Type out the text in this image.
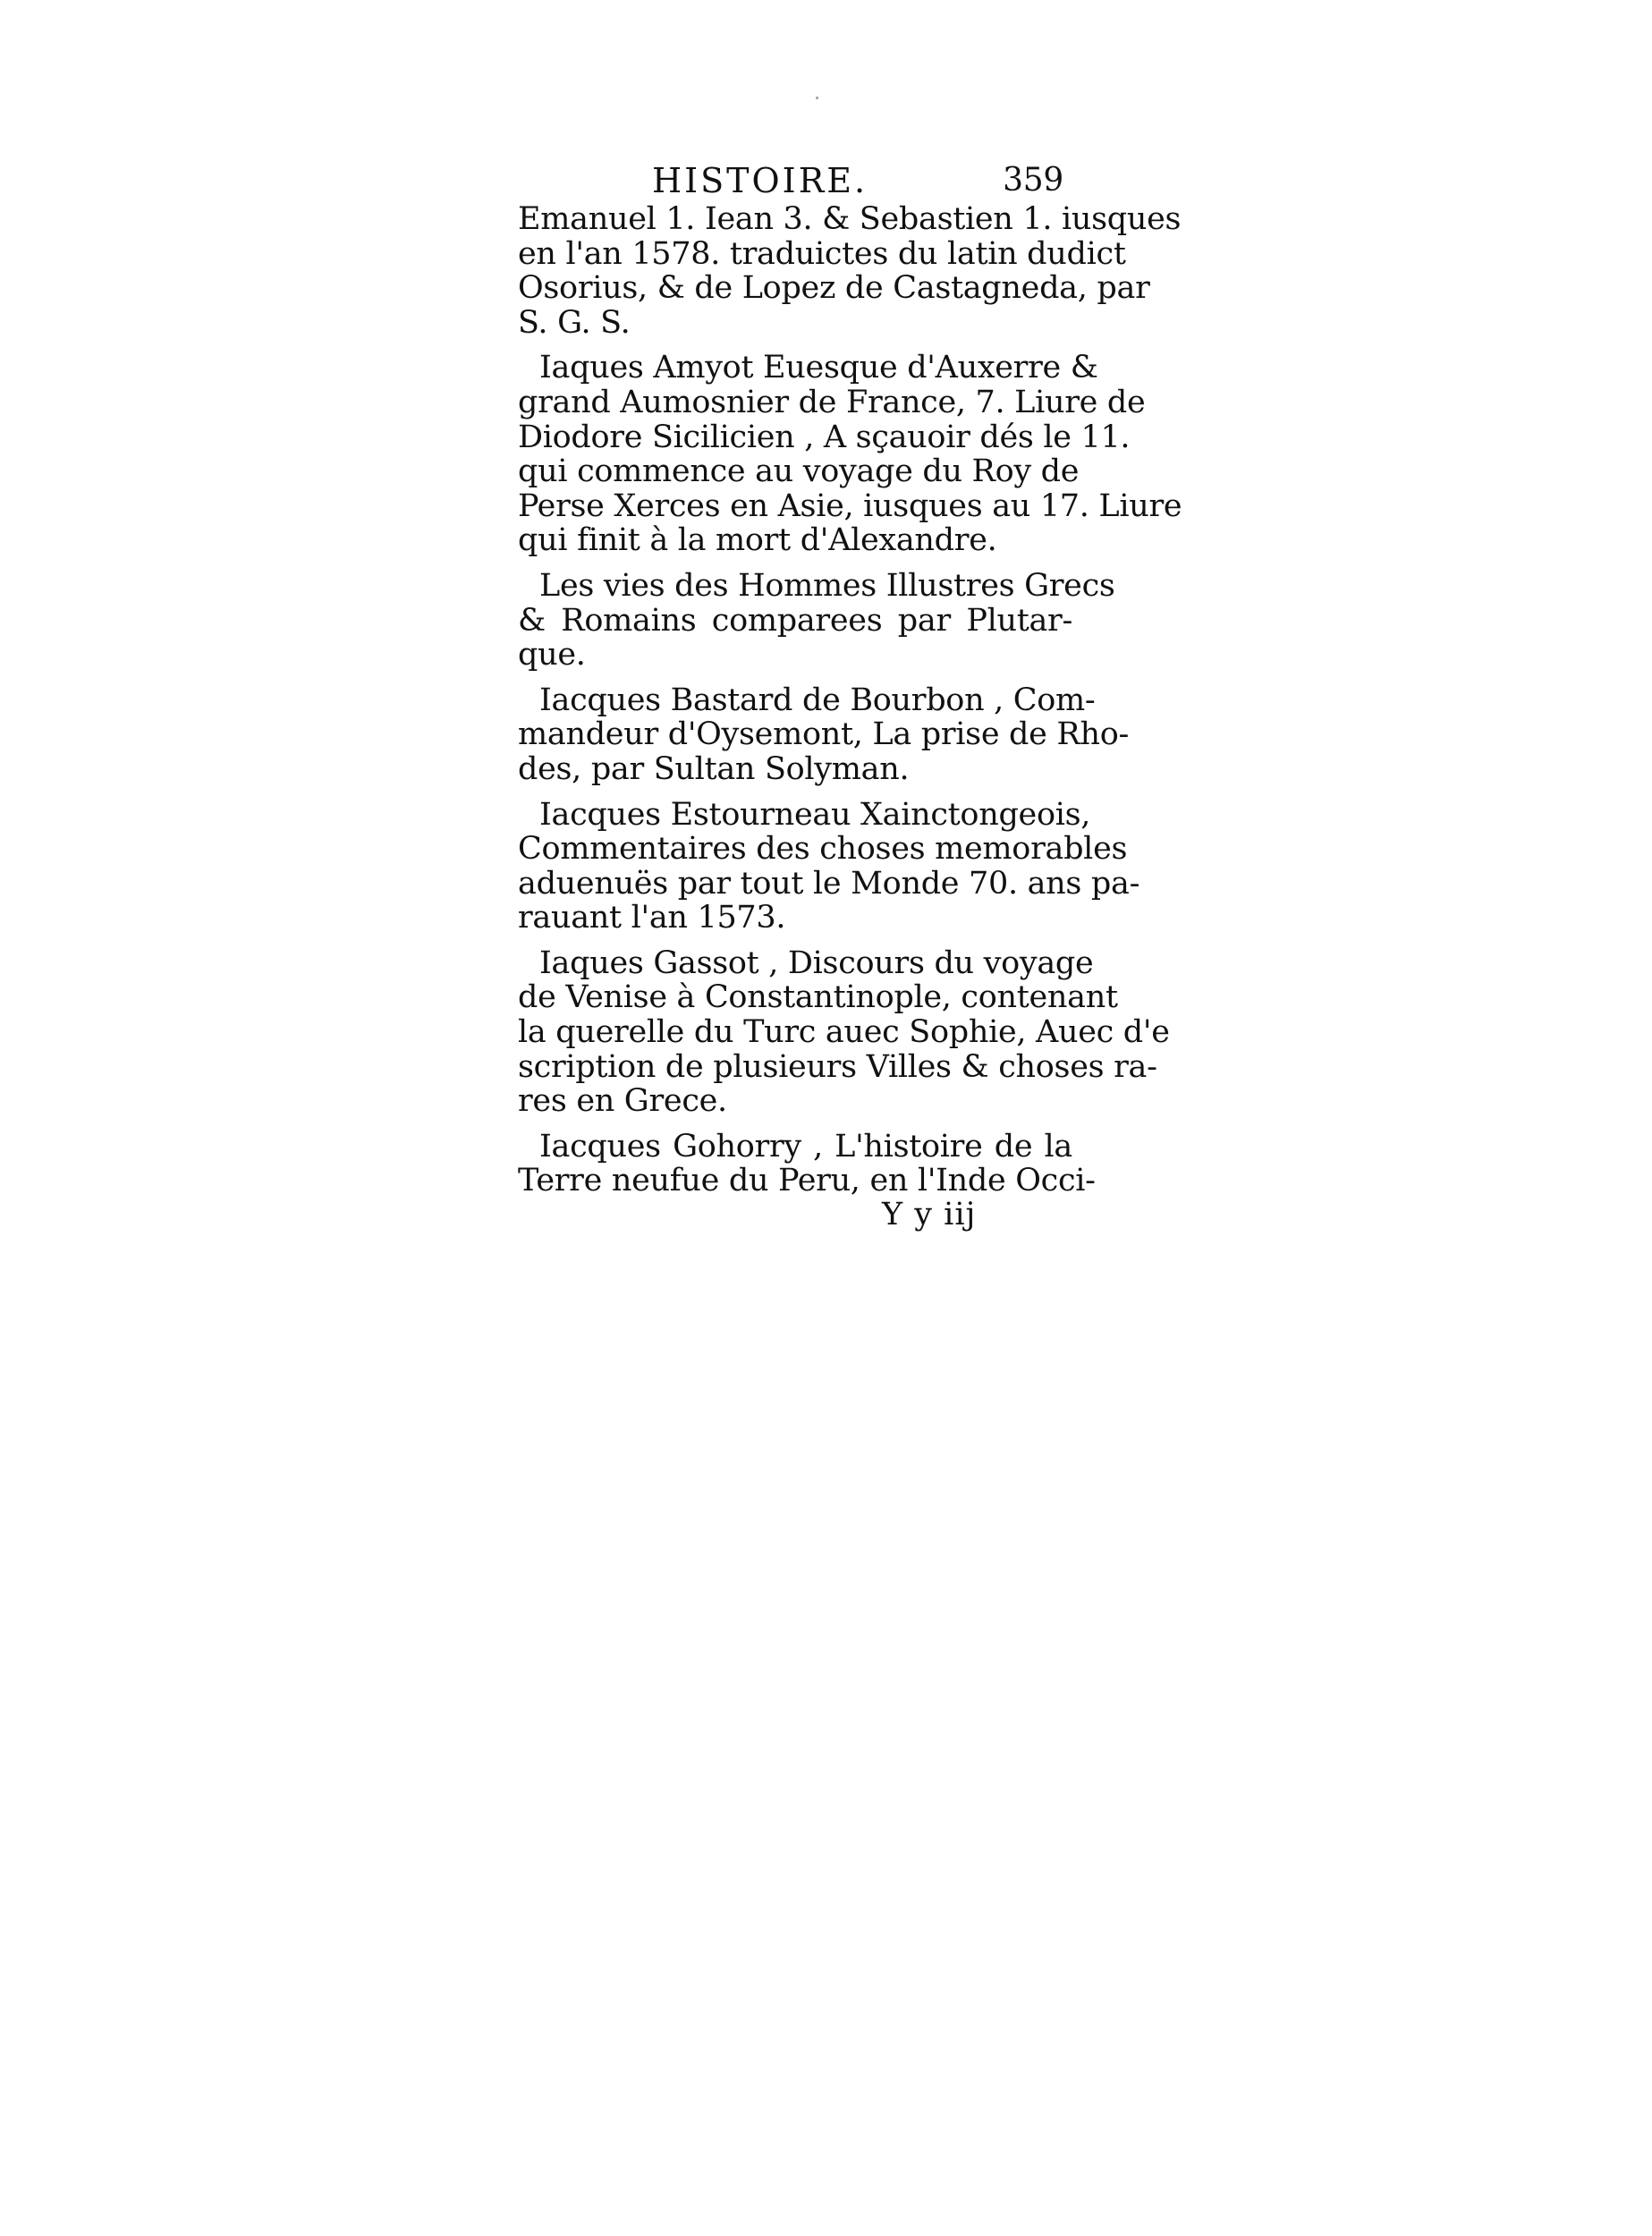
HISTOIRE.	359
Emanuel 1. Iean 3. & Sebastien 1. iusques
en l'an 1578. traduictes du latin dudict
Osorius, & de Lopez de Castagneda, par
S. G. S.
Iaques Amyot Euesque d'Auxerre &
grand Aumosnier de France, 7. Liure de
Diodore Sicilicien , A sçauoir dés le 11.
qui commence au voyage du Roy de
Perse Xerces en Asie, iusques au 17. Liure
qui finit à la mort d'Alexandre.
Les vies des Hommes Illustres Grecs
& Romains comparees par Plutar-
que.
Iacques Bastard de Bourbon , Com-
mandeur d'Oysemont, La prise de Rho-
des, par Sultan Solyman.
Iacques Estourneau Xainctongeois,
Commentaires des choses memorables
aduenuës par tout le Monde 70. ans pa-
rauant l'an 1573.
Iaques Gassot , Discours du voyage
de Venise à Constantinople, contenant
la querelle du Turc auec Sophie, Auec d'e
scription de plusieurs Villes & choses ra-
res en Grece.
Iacques Gohorry , L'histoire de la
Terre neufue du Peru, en l'Inde Occi-
Y y iij
